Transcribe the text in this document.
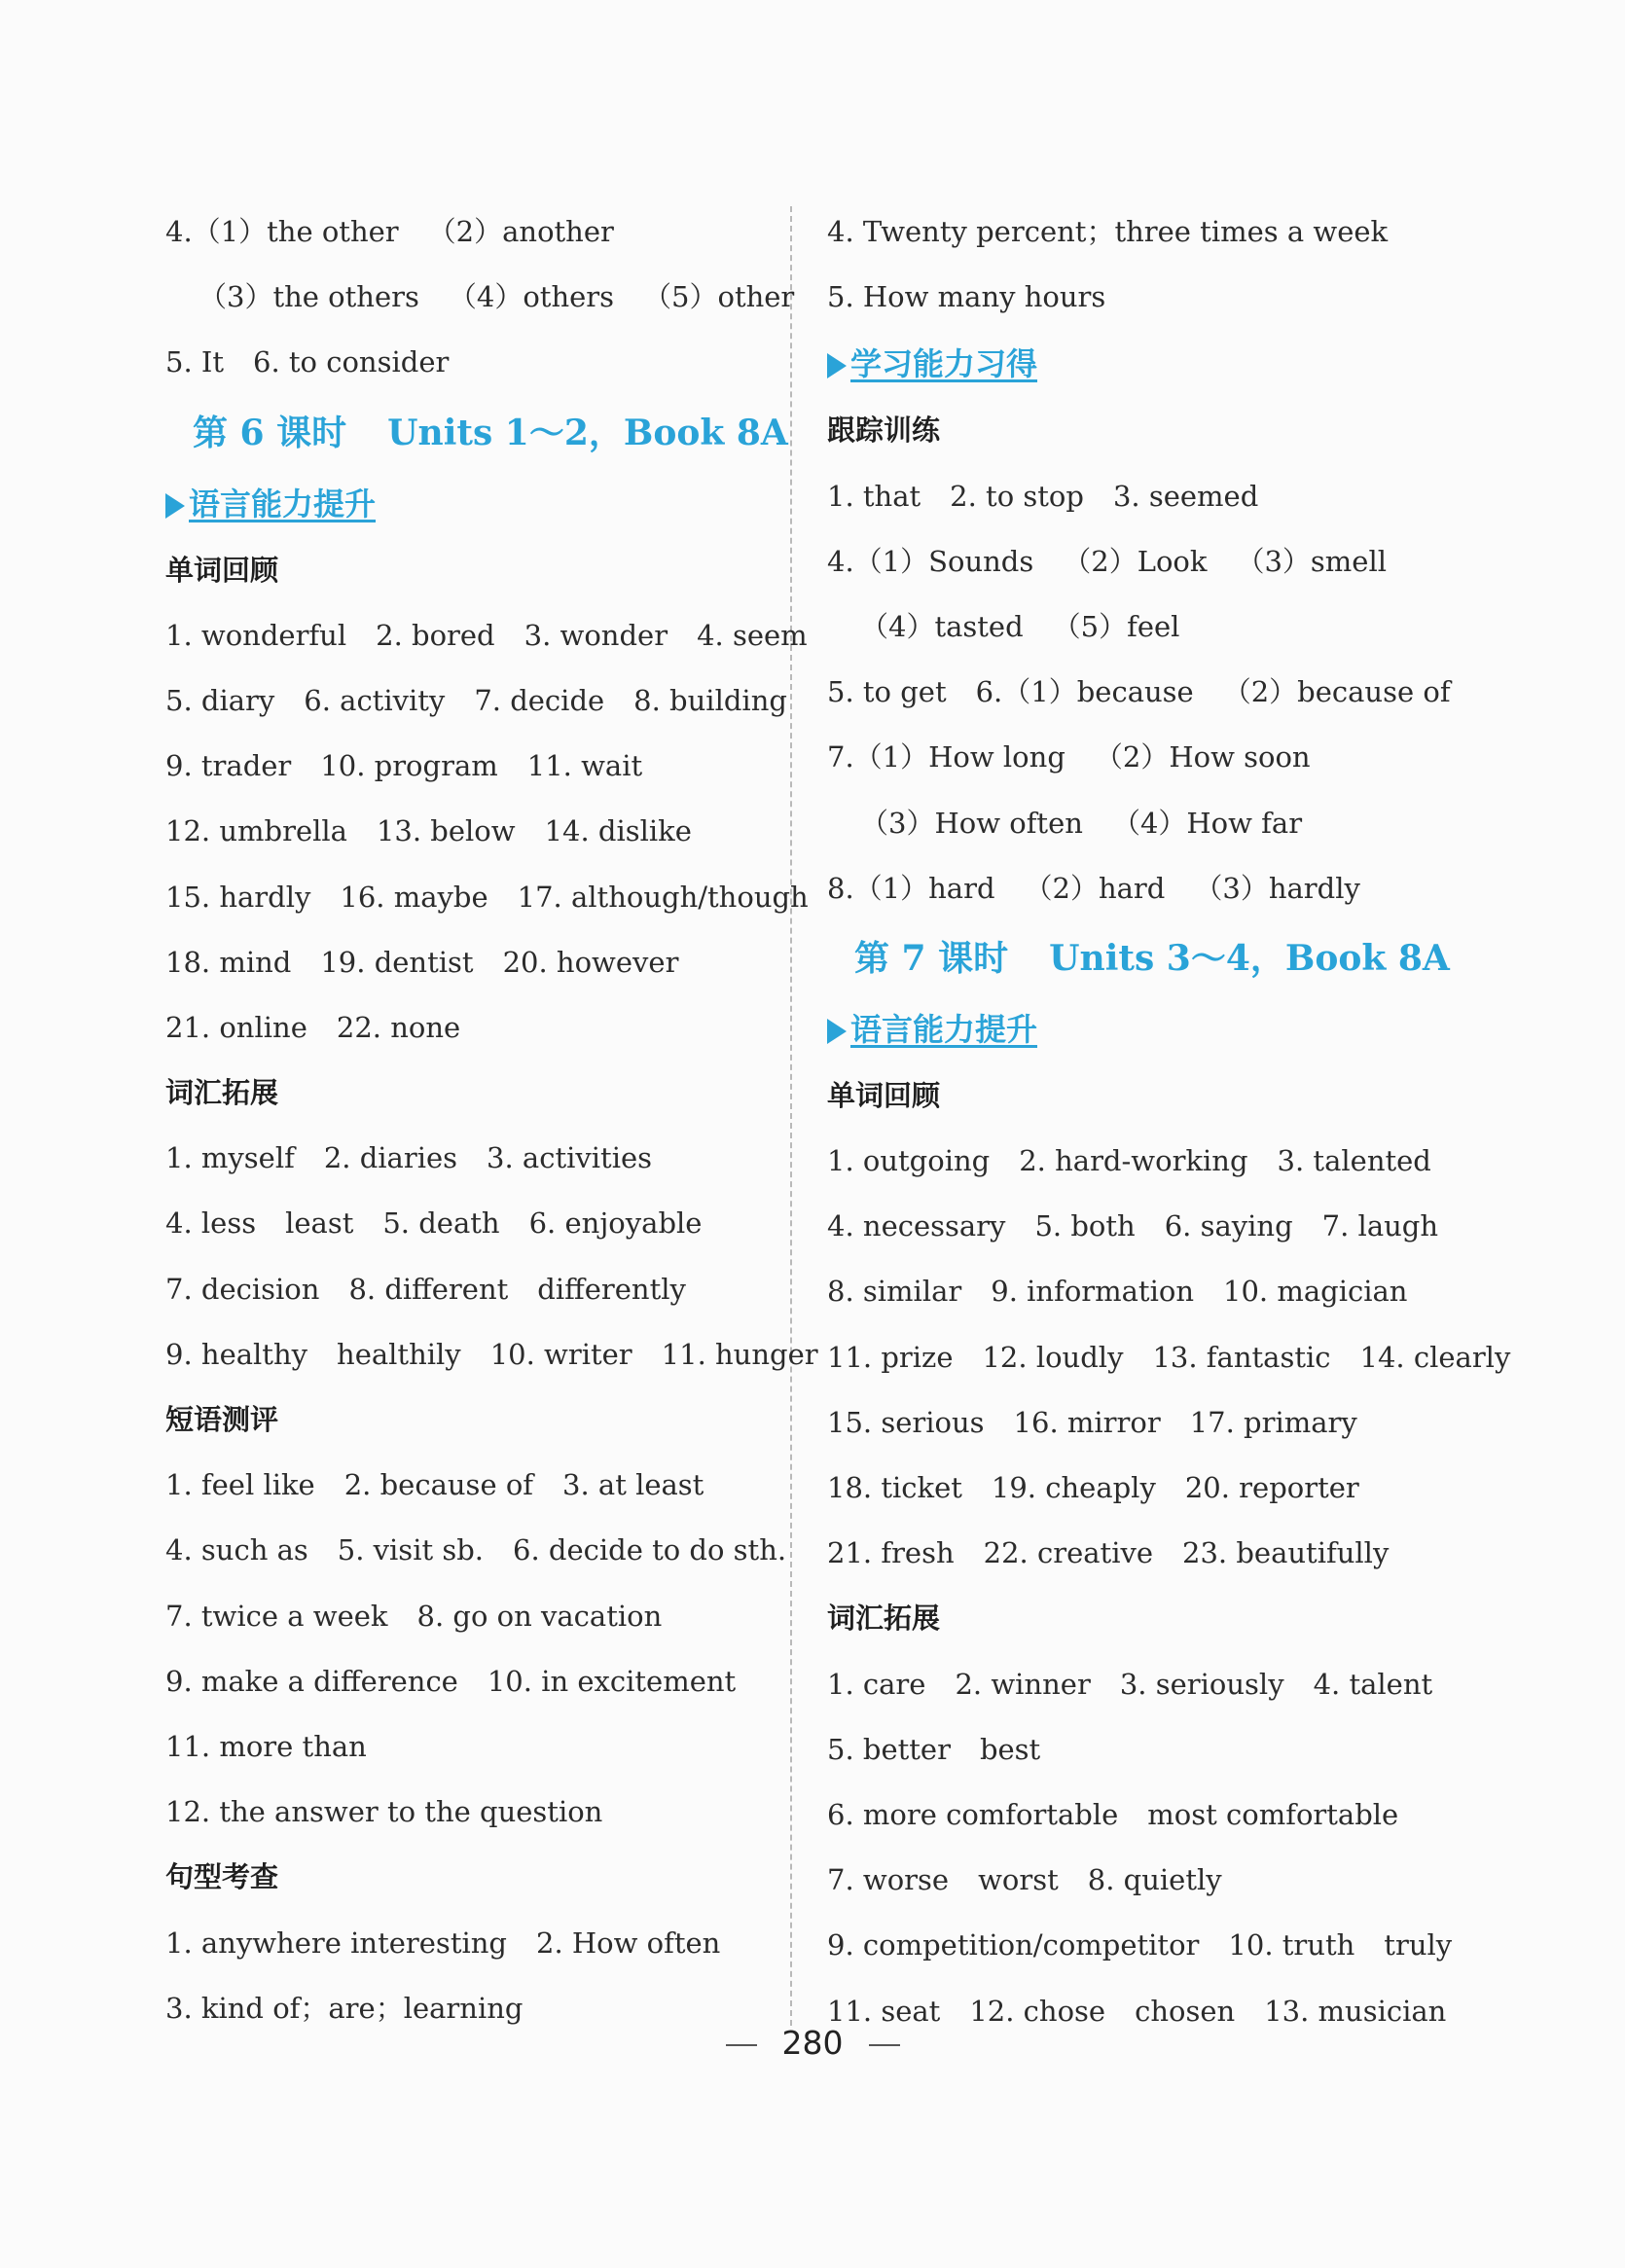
4.（1）the other （2）another
（3）the others （4）others （5）other
5. It 6. to consider
第 6 课时 Units 1～2，Book 8A
语言能力提升
单词回顾
1. wonderful 2. bored 3. wonder 4. seem
5. diary 6. activity 7. decide 8. building
9. trader 10. program 11. wait
12. umbrella 13. below 14. dislike
15. hardly 16. maybe 17. although/though
18. mind 19. dentist 20. however
21. online 22. none
词汇拓展
1. myself 2. diaries 3. activities
4. less least 5. death 6. enjoyable
7. decision 8. different differently
9. healthy healthily 10. writer 11. hunger
短语测评
1. feel like 2. because of 3. at least
4. such as 5. visit sb. 6. decide to do sth.
7. twice a week 8. go on vacation
9. make a difference 10. in excitement
11. more than
12. the answer to the question
句型考查
1. anywhere interesting 2. How often
3. kind of；are；learning
4. Twenty percent；three times a week
5. How many hours
学习能力习得
跟踪训练
1. that 2. to stop 3. seemed
4.（1）Sounds （2）Look （3）smell
（4）tasted （5）feel
5. to get 6.（1）because （2）because of
7.（1）How long （2）How soon
（3）How often （4）How far
8.（1）hard （2）hard （3）hardly
第 7 课时 Units 3～4，Book 8A
语言能力提升
单词回顾
1. outgoing 2. hard-working 3. talented
4. necessary 5. both 6. saying 7. laugh
8. similar 9. information 10. magician
11. prize 12. loudly 13. fantastic 14. clearly
15. serious 16. mirror 17. primary
18. ticket 19. cheaply 20. reporter
21. fresh 22. creative 23. beautifully
词汇拓展
1. care 2. winner 3. seriously 4. talent
5. better best
6. more comfortable most comfortable
7. worse worst 8. quietly
9. competition/competitor 10. truth truly
11. seat 12. chose chosen 13. musician
280
